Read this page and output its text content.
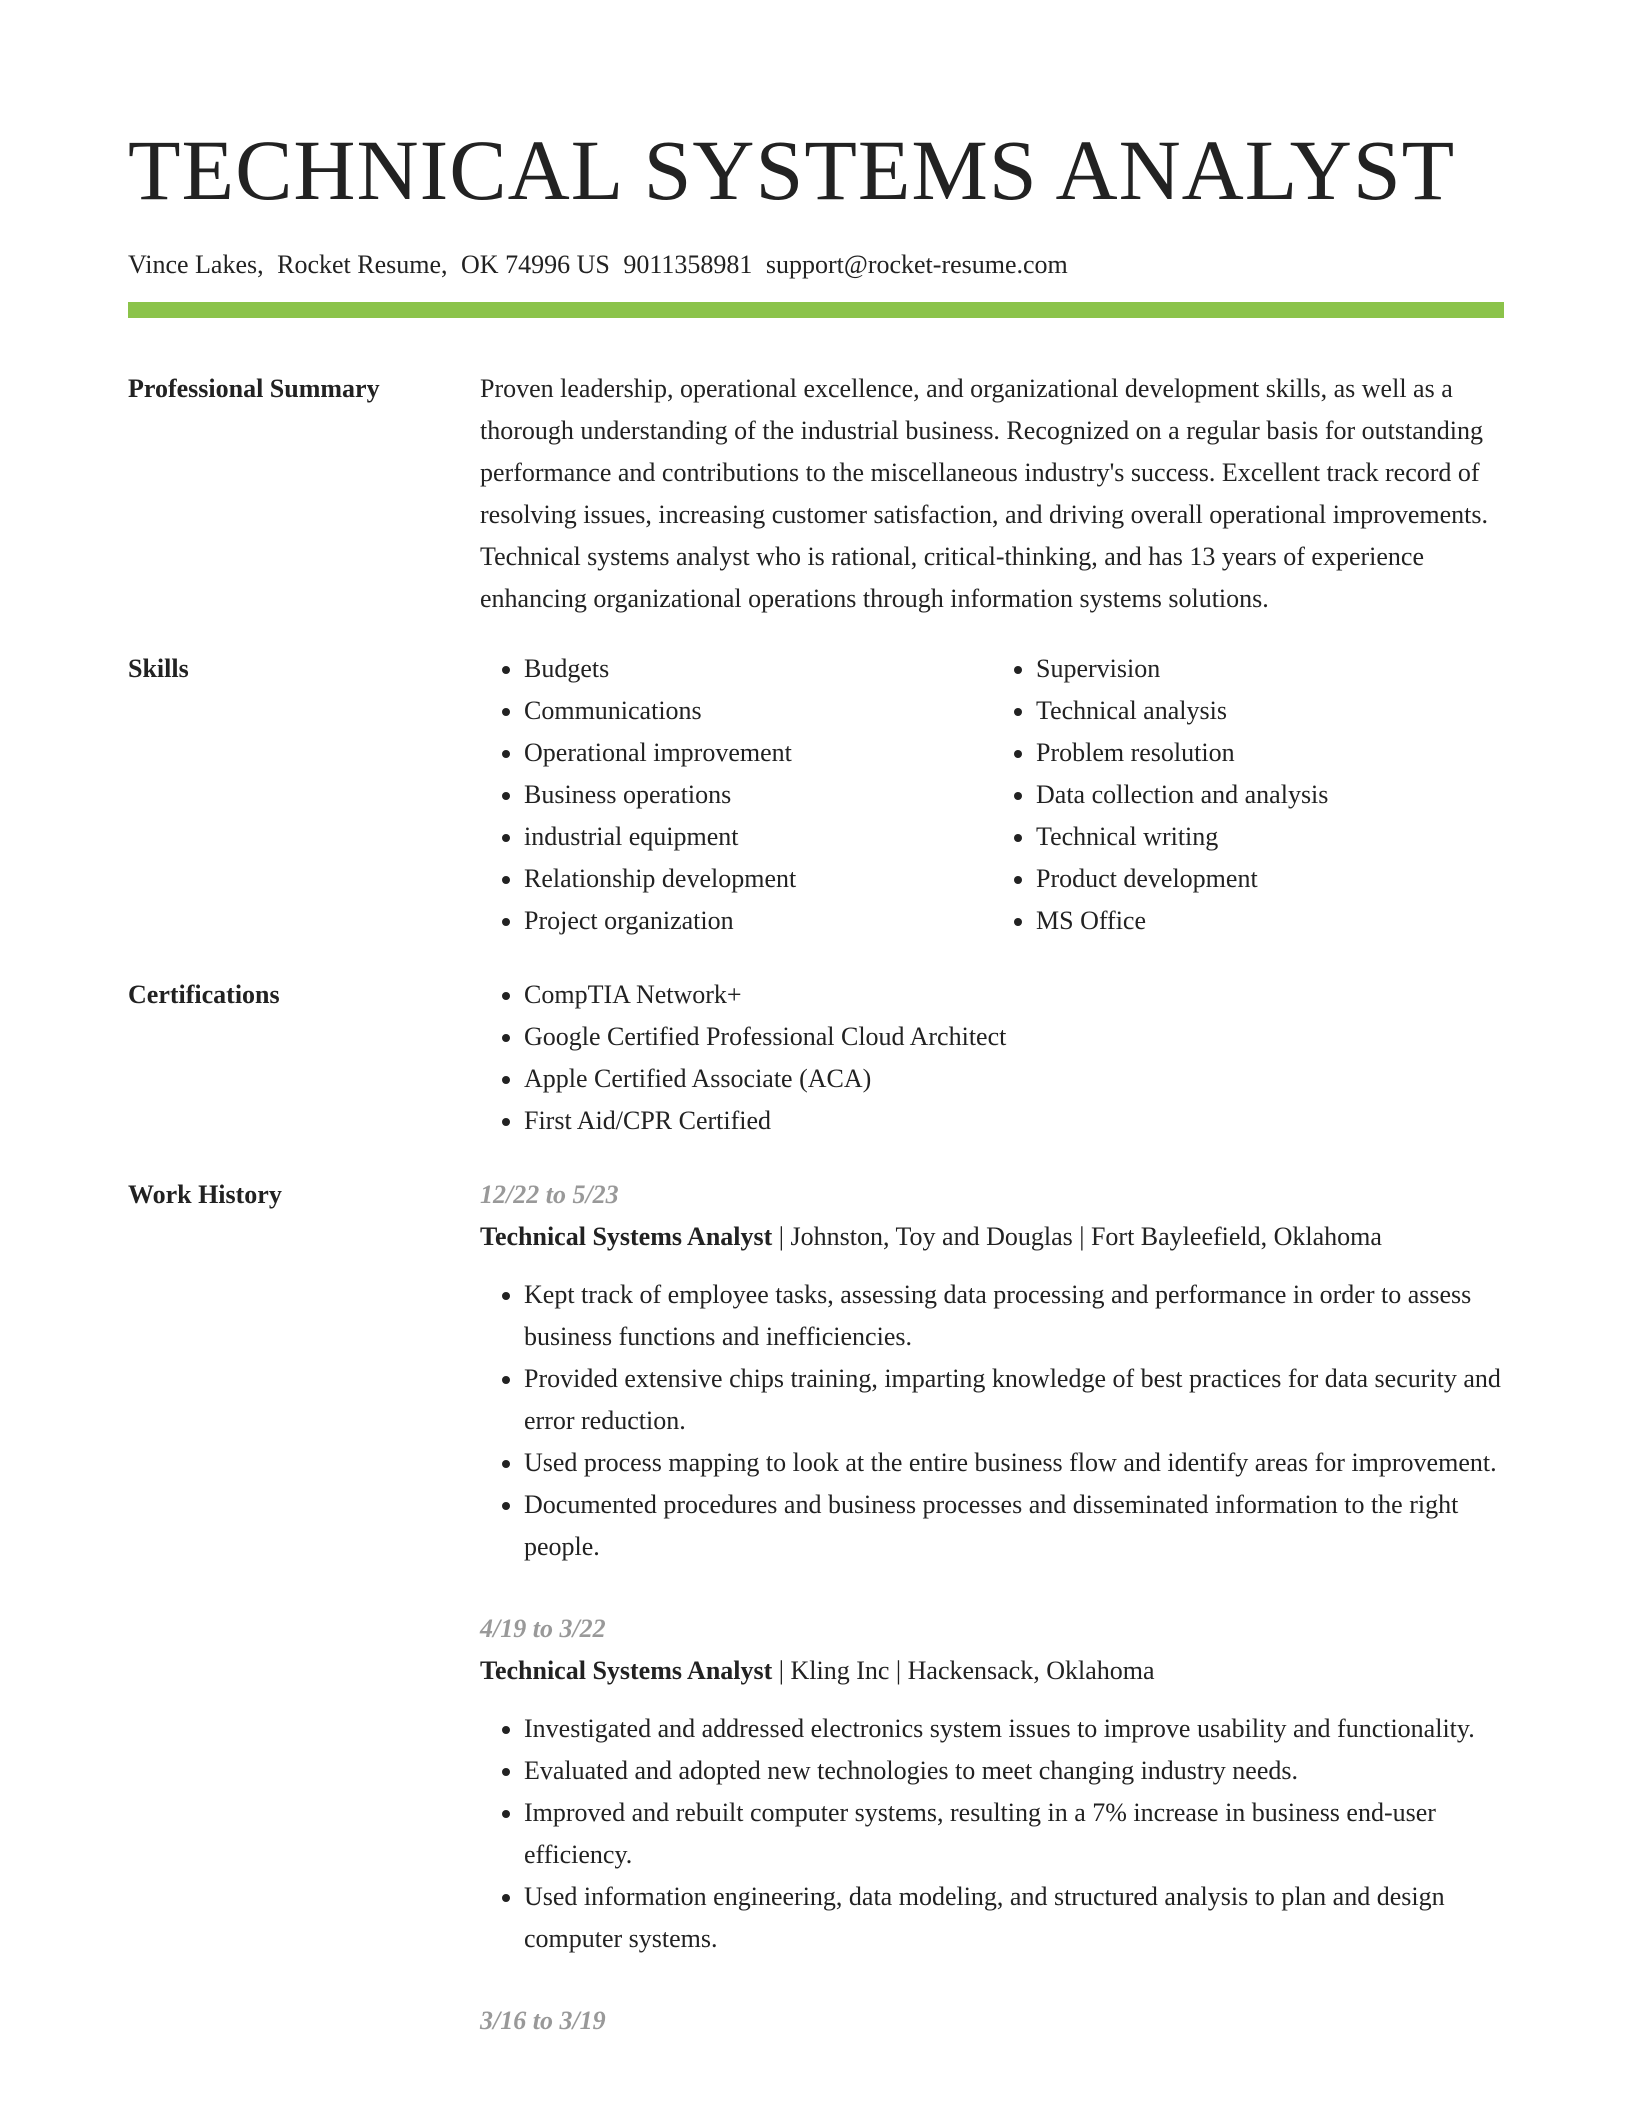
TECHNICAL SYSTEMS ANALYST
Vince Lakes, Rocket Resume, OK 74996 US 9011358981 support@rocket-resume.com
Professional Summary	Proven leadership, operational excellence, and organizational development skills, as well as a thorough understanding of the industrial business. Recognized on a regular basis for outstanding performance and contributions to the miscellaneous industry's success. Excellent track record of resolving issues, increasing customer satisfaction, and driving overall operational improvements. Technical systems analyst who is rational, critical-thinking, and has 13 years of experience enhancing organizational operations through information systems solutions.

Skills	• Budgets
• Communications
• Operational improvement
• Business operations
• industrial equipment
• Relationship development
• Project organization
• Supervision
• Technical analysis
• Problem resolution
• Data collection and analysis
• Technical writing
• Product development
• MS Office
Certifications	• CompTIA Network+
• Google Certified Professional Cloud Architect
• Apple Certified Associate (ACA)
• First Aid/CPR Certified
Work History	12/22 to 5/23
Technical Systems Analyst | Johnston, Toy and Douglas | Fort Bayleefield, Oklahoma
• Kept track of employee tasks, assessing data processing and performance in order to assess business functions and inefficiencies.
• Provided extensive chips training, imparting knowledge of best practices for data security and error reduction.
• Used process mapping to look at the entire business flow and identify areas for improvement.
• Documented procedures and business processes and disseminated information to the right people.
4/19 to 3/22
Technical Systems Analyst | Kling Inc | Hackensack, Oklahoma
• Investigated and addressed electronics system issues to improve usability and functionality.
• Evaluated and adopted new technologies to meet changing industry needs.
• Improved and rebuilt computer systems, resulting in a 7% increase in business end-user efficiency.
• Used information engineering, data modeling, and structured analysis to plan and design computer systems.
3/16 to 3/19
